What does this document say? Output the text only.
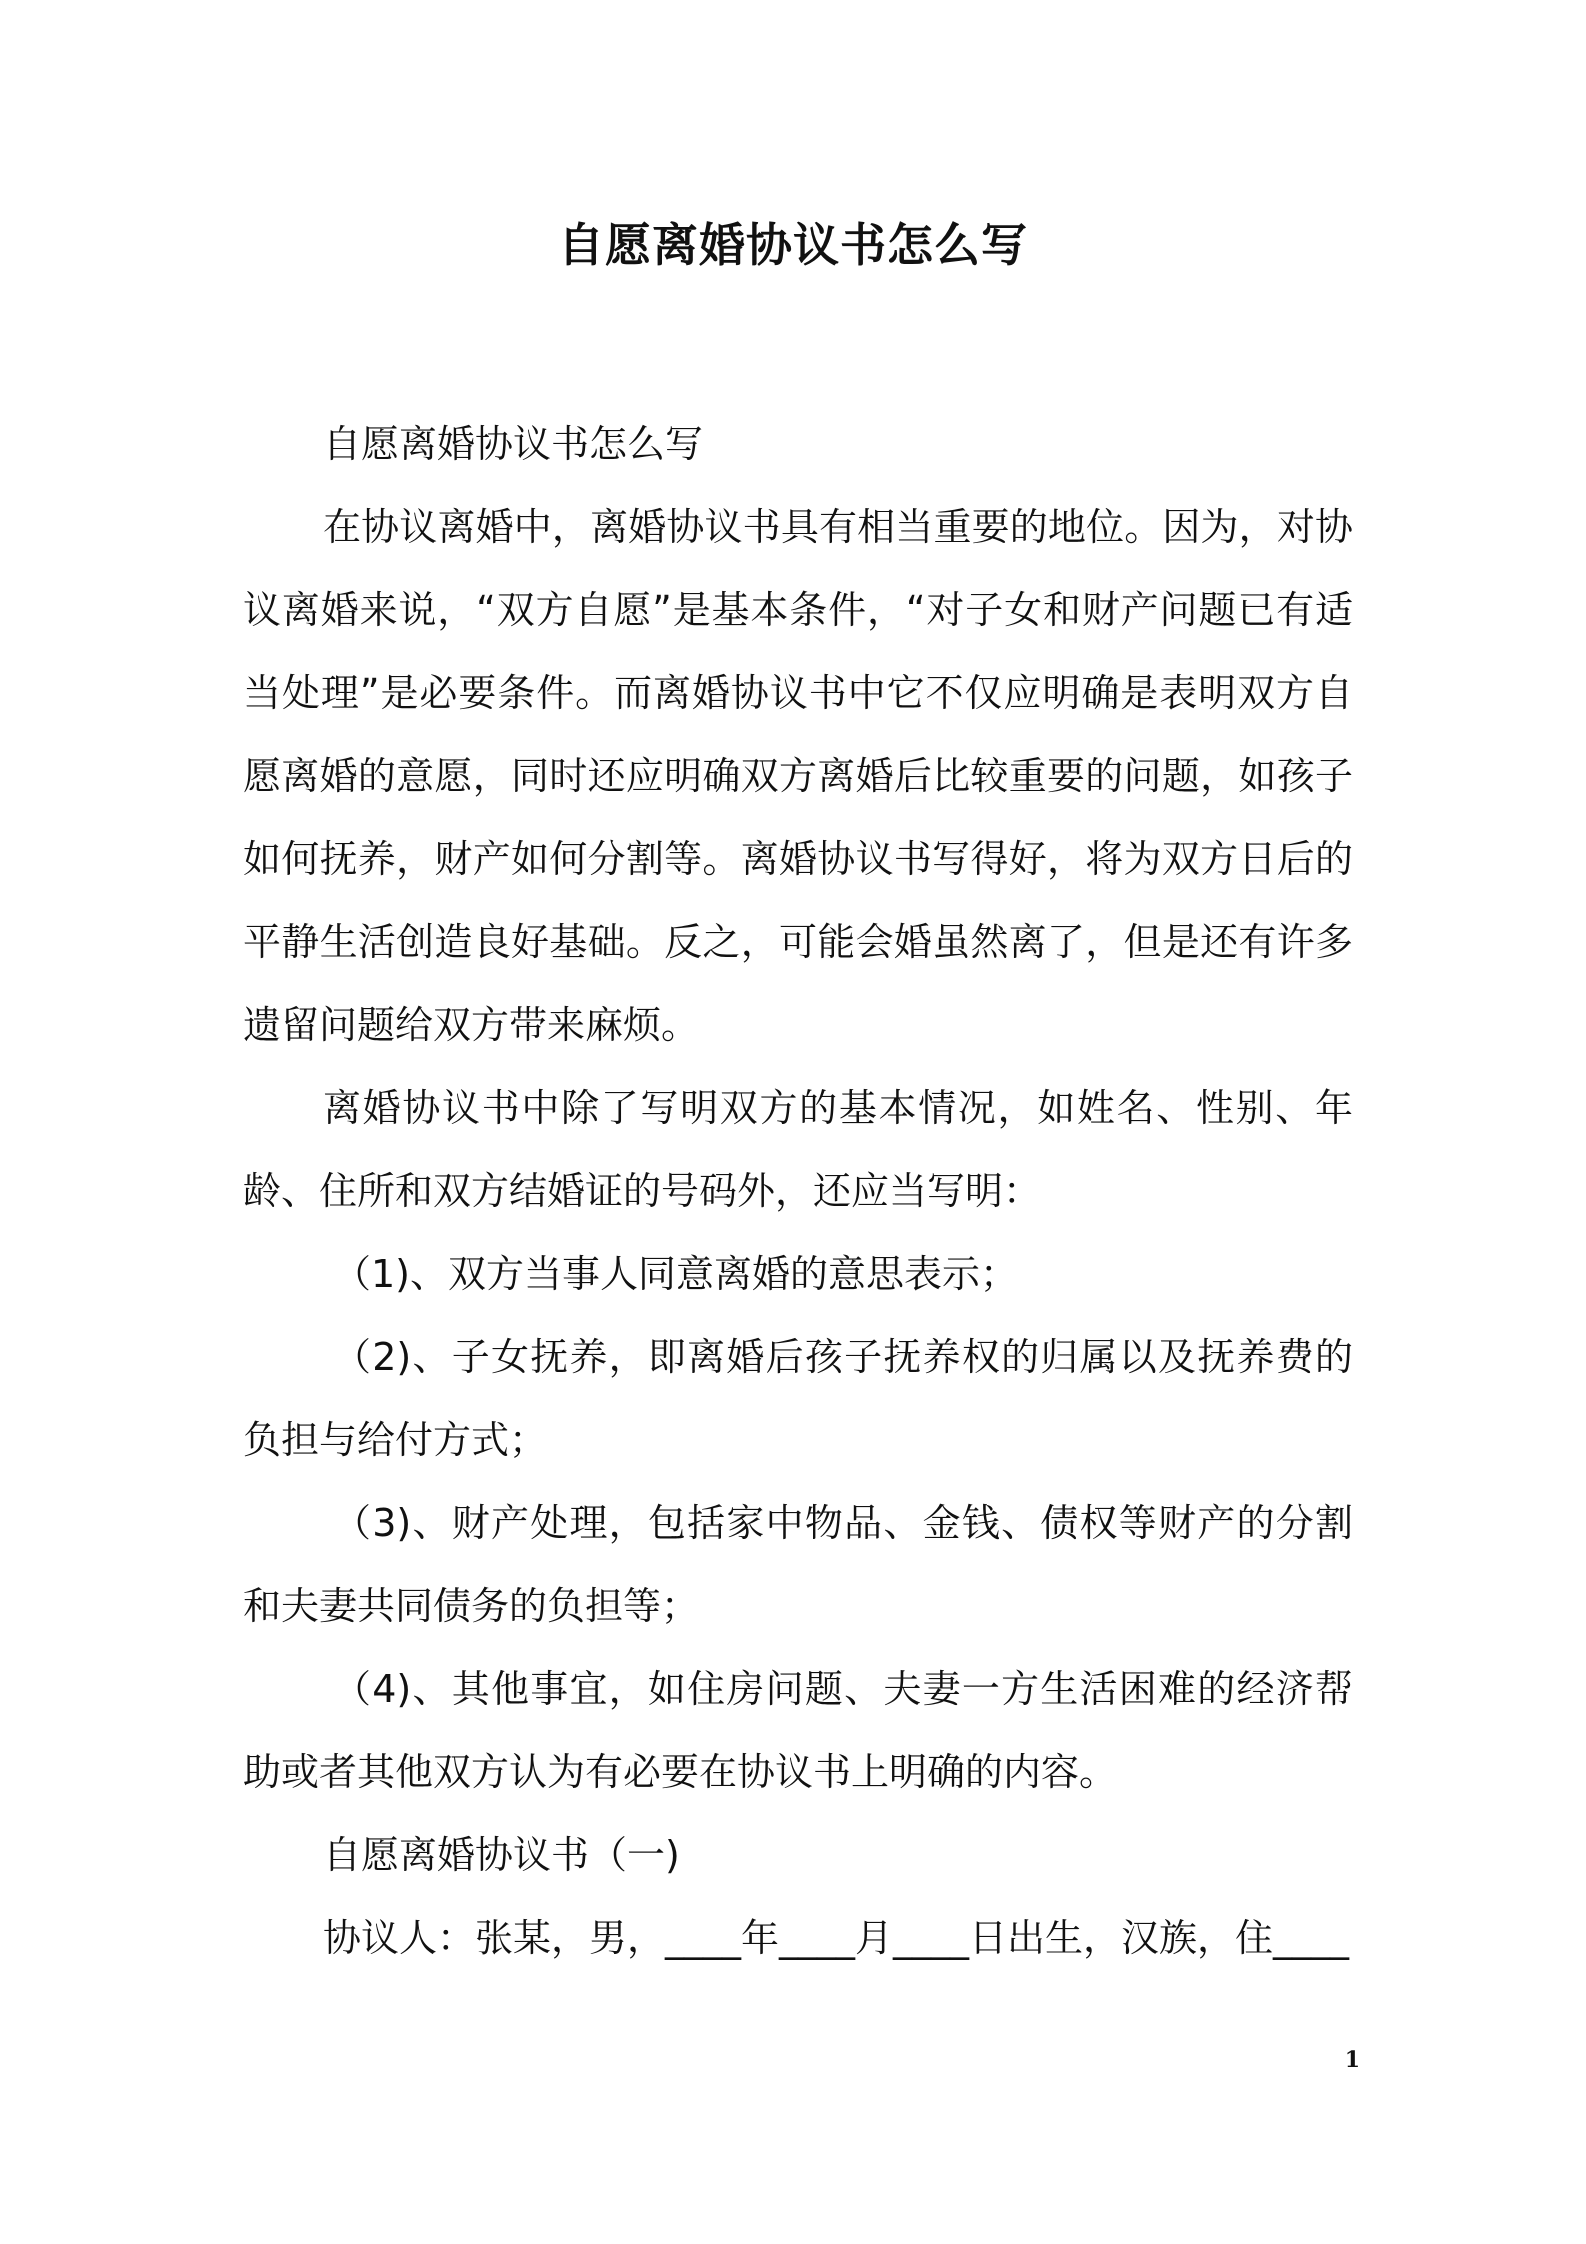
自愿离婚协议书怎么写

自愿离婚协议书怎么写

在协议离婚中，离婚协议书具有相当重要的地位。因为，对协议离婚来说，“双方自愿”是基本条件，“对子女和财产问题已有适当处理”是必要条件。而离婚协议书中它不仅应明确是表明双方自愿离婚的意愿，同时还应明确双方离婚后比较重要的问题，如孩子如何抚养，财产如何分割等。离婚协议书写得好，将为双方日后的平静生活创造良好基础。反之，可能会婚虽然离了，但是还有许多遗留问题给双方带来麻烦。

离婚协议书中除了写明双方的基本情况，如姓名、性别、年龄、住所和双方结婚证的号码外，还应当写明：

（1)、双方当事人同意离婚的意思表示；

（2)、子女抚养，即离婚后孩子抚养权的归属以及抚养费的负担与给付方式；

（3)、财产处理，包括家中物品、金钱、债权等财产的分割和夫妻共同债务的负担等；

（4)、其他事宜，如住房问题、夫妻一方生活困难的经济帮助或者其他双方认为有必要在协议书上明确的内容。

自愿离婚协议书（一)

协议人：张某，男，____年____月____日出生，汉族，住____

1
